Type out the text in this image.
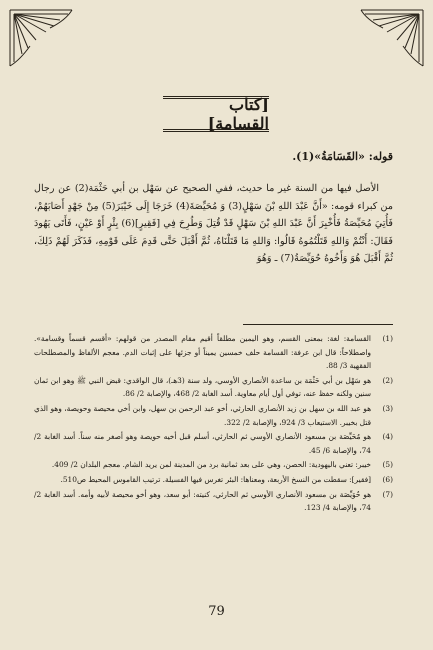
[كتاب القسامة]
قوله: «القَسَامَةُ»(1).

الأصل فيها من السنة غير ما حديث، ففي الصحيح عن سَهْل بن أبي حَثْمَة(2) عن رجال من كبراء قومه: «أَنَّ عَبْدَ اللهِ بْنَ سَهْلٍ(3) وَ مُحَيِّصَةَ(4) خَرَجَا إِلَى خَيْبَرَ(5) مِنْ جَهْدٍ أَصَابَهُمْ، فَأُتِيَ مُحَيِّصَةُ فَأُخْبِرَ أَنَّ عَبْدَ اللهِ بْنَ سَهْلٍ قَدْ قُتِلَ وَطُرِحَ فِي [فَقِيرٍ](6) بِئْرٍ أَوْ عَيْنٍ، فَأَتَى يَهُودَ فَقَالَ: أَنْتُمْ وَاللهِ قَتَلْتُمُوهُ قَالُوا: وَاللهِ مَا قَتَلْنَاهُ، ثُمَّ أَقْبَلَ حَتَّى قَدِمَ عَلَى قَوْمِهِ، فَذَكَرَ لَهُمْ ذَلِكَ، ثُمَّ أَقْبَلَ هُوَ وَأَخُوهُ حُوَيِّصَةُ(7) ـ وَهُوَ

(1)
القسامة: لغة: بمعنى القسم، وهو اليمين مطلقاً أقيم مقام المصدر من قولهم: «أقسم قسماً وقسامة». واصطلاحاً: قال ابن عرفة: القسامة حلف خمسين يميناً أو جزئها على إثبات الدم. معجم الألفاظ والمصطلحات الفقهية 3/ 88.
(2)
هو سَهْل بن أبي حَثْمَة بن ساعدة الأنصاري الأوسي، ولد سنة (3هـ)، قال الواقدي: قبض النبي ﷺ وهو ابن ثمان سنين ولكنه حفظ عنه، توفي أول أيام معاوية. أسد الغابة 2/ 468، والإصابة 2/ 86.
(3)
هو عبد الله بن سهل بن زيد الأنصاري الحارثي، أخو عبد الرحمن بن سهل، وابن أخي محيصة وحويصة، وهو الذي قتل بخيبر. الاستيعاب 3/ 924، والإصابة 2/ 322.
(4)
هو مُحَيِّصَة بن مسعود الأنصاري الأوسي ثم الحارثي، أسلم قبل أخيه حويصة وهو أصغر منه سناً. أسد الغابة 2/ 74، والإصابة 6/ 45.
(5)
خيبر: تعني باليهودية: الحصن، وهي على بعد ثمانية برد من المدينة لمن يريد الشام. معجم البلدان 2/ 409.
(6)
[فقير]: سقطت من النسخ الأربعة، ومعناها: البئر تغرس فيها الفسيلة. ترتيب القاموس المحيط ص510.
(7)
هو حُوَيِّصَة بن مسعود الأنصاري الأوسي ثم الحارثي، كنيته: أبو سعد، وهو أخو محيصة لأبيه وأمه. أسد الغابة 2/ 74، والإصابة 4/ 123.
79
